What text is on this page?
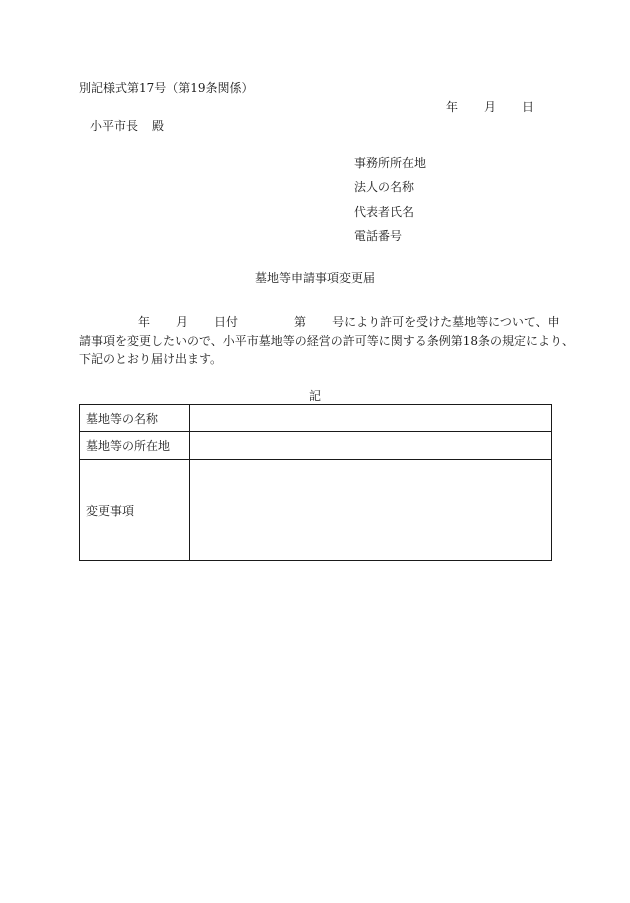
別記様式第17号（第19条関係）
年 月 日
小平市長 殿
事務所所在地
法人の名称
代表者氏名
電話番号
墓地等申請事項変更届
年 月 日付	第 号により許可を受けた墓地等について、申
請事項を変更したいので、小平市墓地等の経営の許可等に関する条例第18条の規定により、
下記のとおり届け出ます。
記
墓地等の名称	
墓地等の所在地	
変更事項	
